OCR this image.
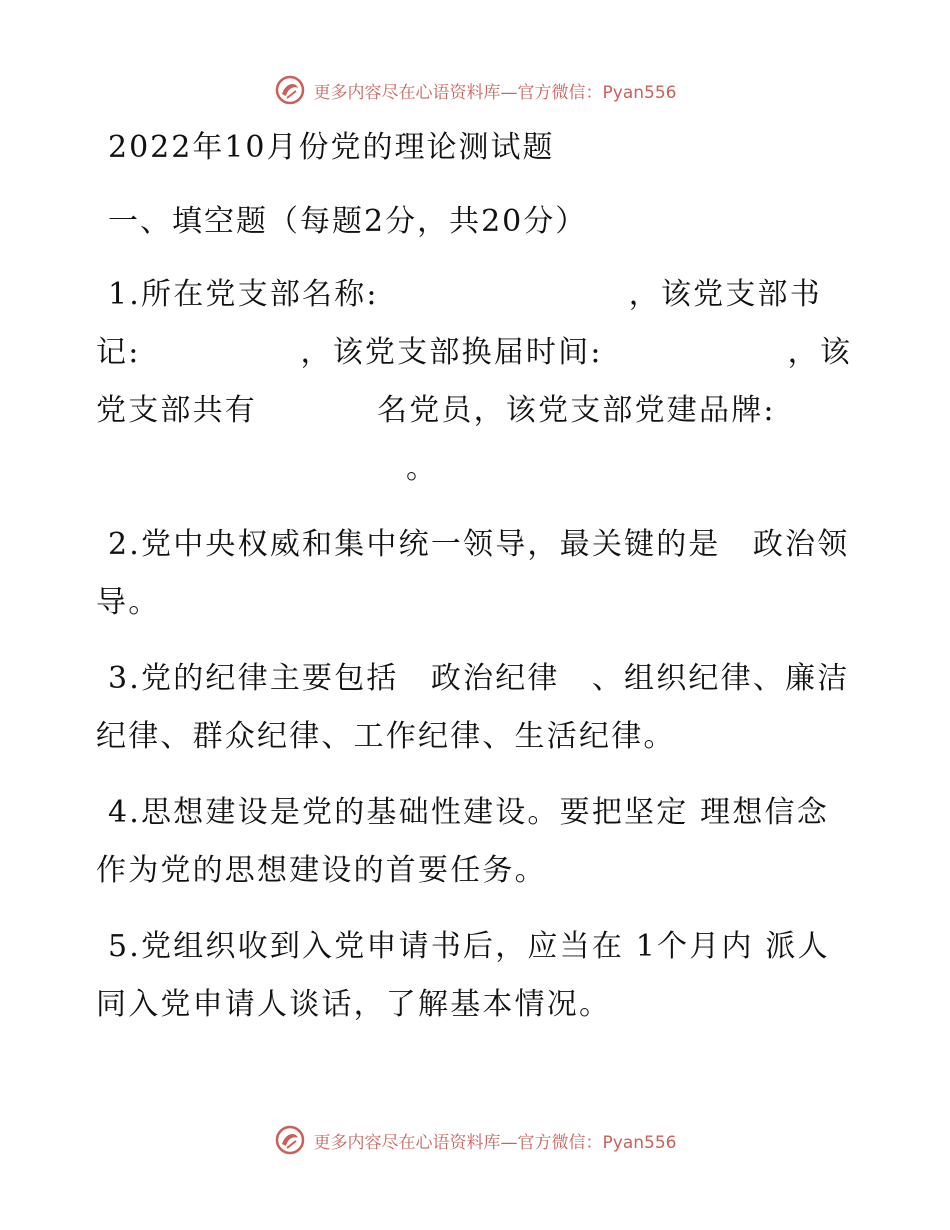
更多内容尽在心语资料库—官方微信：Pyan556

2022年10月份党的理论测试题

一、填空题（每题2分，共20分）

1.所在党支部名称:	，该党支部书记:	，该党支部换届时间:	，该党支部共有	名党员，该党支部党建品牌:。

2.党中央权威和集中统一领导，最关键的是　政治领导。

3.党的纪律主要包括　政治纪律　、组织纪律、廉洁纪律、群众纪律、工作纪律、生活纪律。

4.思想建设是党的基础性建设。要把坚定 理想信念 作为党的思想建设的首要任务。

5.党组织收到入党申请书后，应当在 1个月内 派人同入党申请人谈话，了解基本情况。

更多内容尽在心语资料库—官方微信：Pyan556
